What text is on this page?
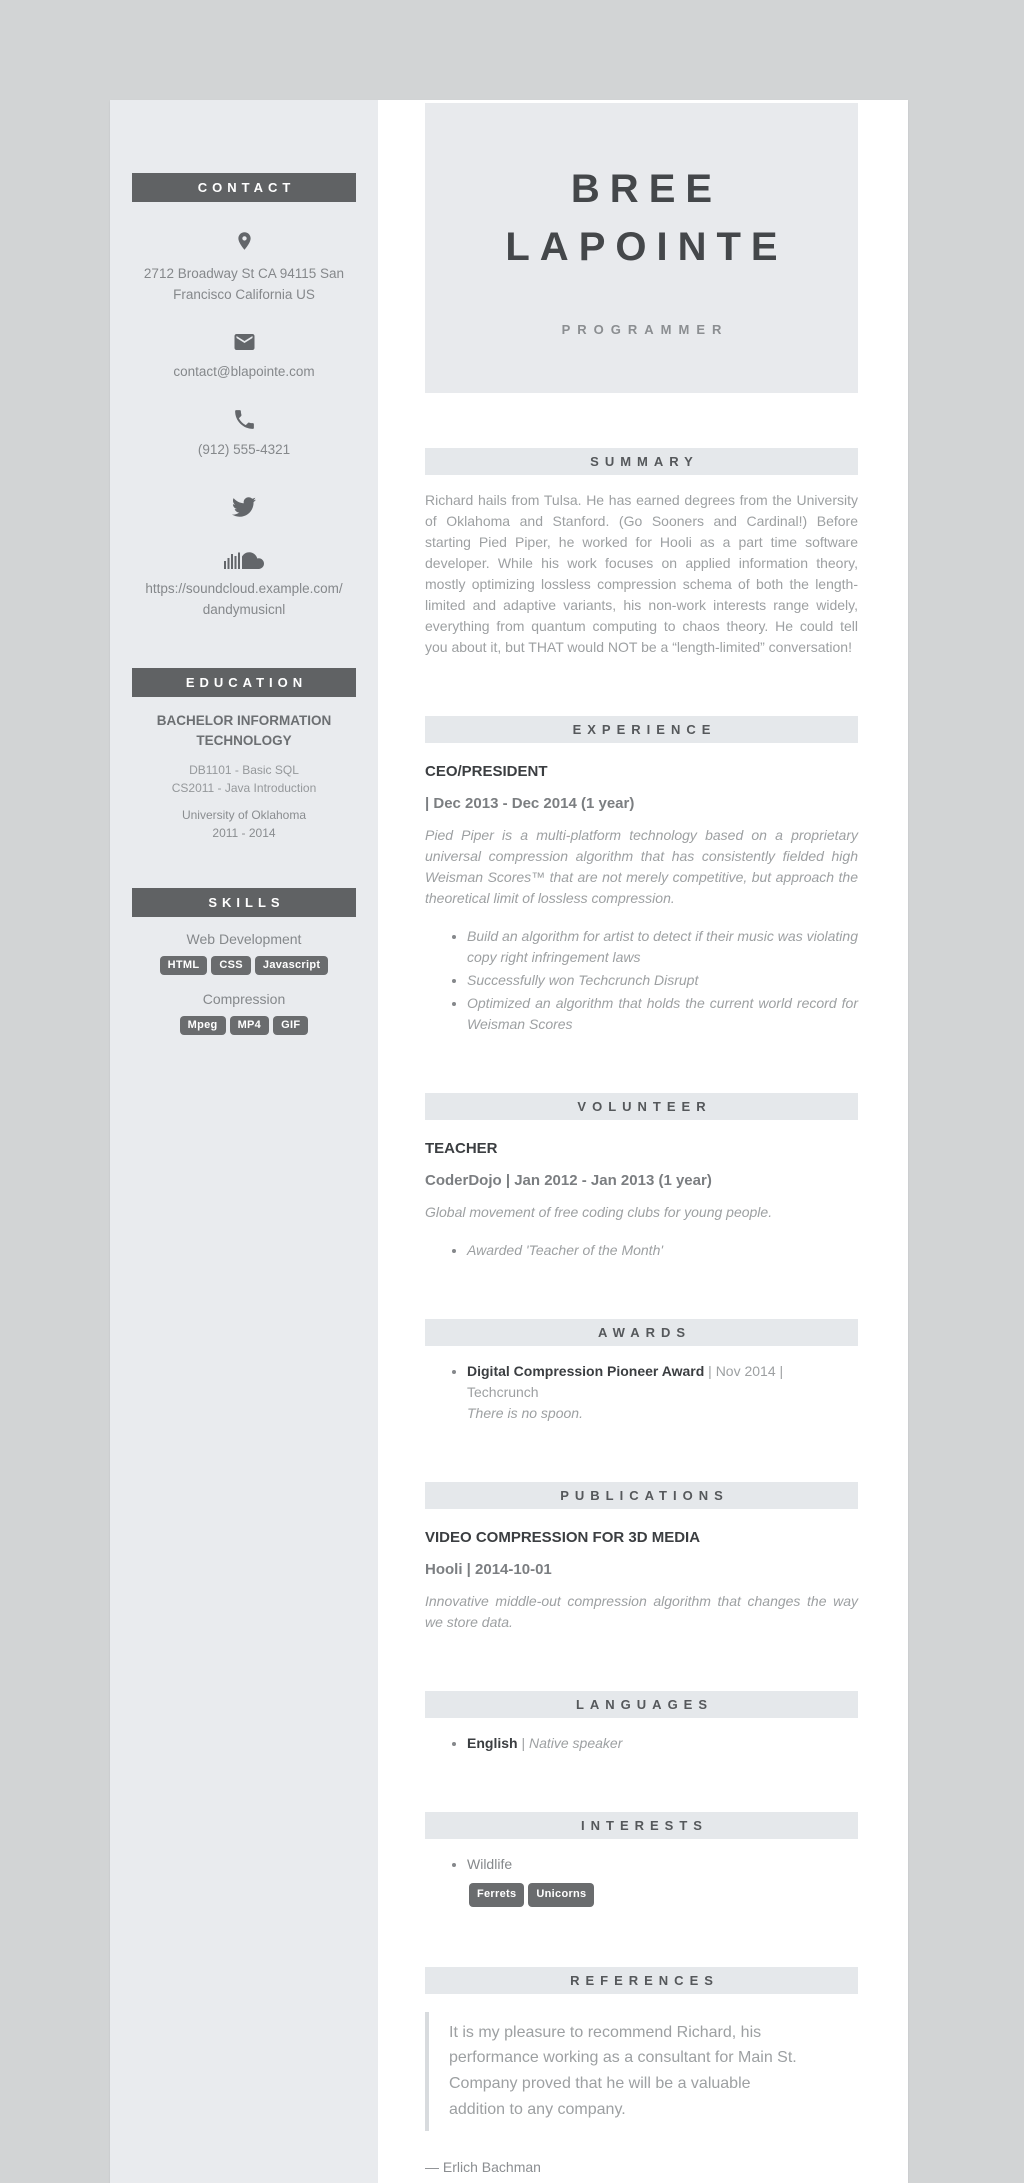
CONTACT
2712 Broadway St CA 94115 San Francisco California US
contact@blapointe.com
(912) 555-4321
https://soundcloud.example.com/ dandymusicnl
EDUCATION
BACHELOR INFORMATION TECHNOLOGY
DB1101 - Basic SQL
CS2011 - Java Introduction
University of Oklahoma
2011 - 2014
SKILLS
Web Development
HTML CSS Javascript
Compression
Mpeg MP4 GIF
BREE LAPOINTE
PROGRAMMER
SUMMARY

Richard hails from Tulsa. He has earned degrees from the University of Oklahoma and Stanford. (Go Sooners and Cardinal!) Before starting Pied Piper, he worked for Hooli as a part time software developer. While his work focuses on applied information theory, mostly optimizing lossless compression schema of both the length-limited and adaptive variants, his non-work interests range widely, everything from quantum computing to chaos theory. He could tell you about it, but THAT would NOT be a “length-limited” conversation!

EXPERIENCE
CEO/PRESIDENT
| Dec 2013 - Dec 2014 (1 year)

Pied Piper is a multi-platform technology based on a proprietary universal compression algorithm that has consistently fielded high Weisman Scores™ that are not merely competitive, but approach the theoretical limit of lossless compression.

• Build an algorithm for artist to detect if their music was violating copy right infringement laws
• Successfully won Techcrunch Disrupt
• Optimized an algorithm that holds the current world record for Weisman Scores
VOLUNTEER
TEACHER
CoderDojo | Jan 2012 - Jan 2013 (1 year)

Global movement of free coding clubs for young people.

• Awarded 'Teacher of the Month'
AWARDS
• Digital Compression Pioneer Award | Nov 2014 | Techcrunch
There is no spoon.
PUBLICATIONS
VIDEO COMPRESSION FOR 3D MEDIA
Hooli | 2014-10-01

Innovative middle-out compression algorithm that changes the way we store data.

LANGUAGES
• English | Native speaker
INTERESTS
• Wildlife
Ferrets Unicorns
REFERENCES
It is my pleasure to recommend Richard, his performance working as a consultant for Main St. Company proved that he will be a valuable addition to any company.
— Erlich Bachman
